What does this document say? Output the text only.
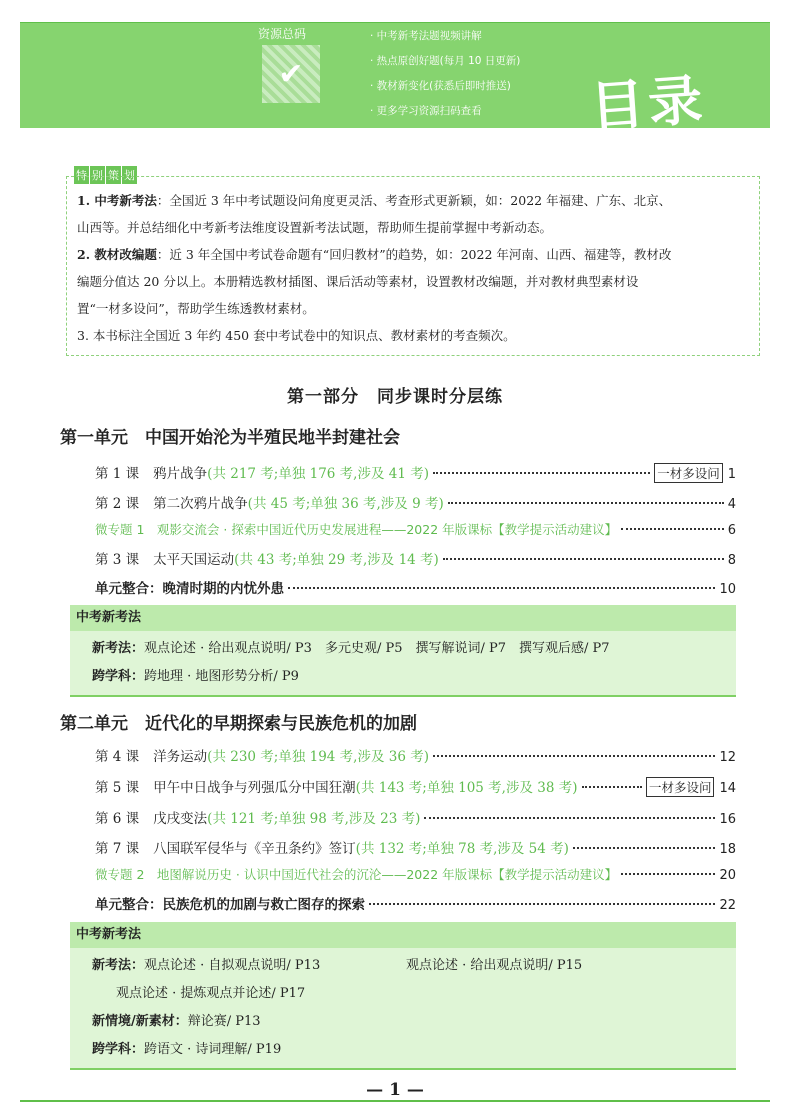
资源总码
✔
· 中考新考法题视频讲解
· 热点原创好题(每月 10 日更新)
· 教材新变化(获悉后即时推送)
· 更多学习资源扫码查看	目录
特 别 策 划
1. 中考新考法：全国近 3 年中考试题设问角度更灵活、考查形式更新颖，如：2022 年福建、广东、北京、
山西等。并总结细化中考新考法维度设置新考法试题，帮助师生提前掌握中考新动态。
2. 教材改编题：近 3 年全国中考试卷命题有“回归教材”的趋势，如：2022 年河南、山西、福建等，教材改
编题分值达 20 分以上。本册精选教材插图、课后活动等素材，设置教材改编题，并对教材典型素材设
置“一材多设问”，帮助学生练透教材素材。
3. 本书标注全国近 3 年约 450 套中考试卷中的知识点、教材素材的考查频次。
第一部分　同步课时分层练
第一单元　中国开始沦为半殖民地半封建社会
第 1 课 鸦片战争 (共 217 考;单独 176 考,涉及 41 考)	一材多设问 1
第 2 课 第二次鸦片战争 (共 45 考;单独 36 考,涉及 9 考)	4
微专题 1　观影交流会 · 探索中国近代历史发展进程——2022 年版课标【教学提示活动建议】	6
第 3 课 太平天国运动 (共 43 考;单独 29 考,涉及 14 考)	8
单元整合：晚清时期的内忧外患	10
中考新考法
新考法：观点论述 · 给出观点说明/ P3　多元史观/ P5　撰写解说词/ P7　撰写观后感/ P7
跨学科：跨地理 · 地图形势分析/ P9
第二单元　近代化的早期探索与民族危机的加剧
第 4 课 洋务运动 (共 230 考;单独 194 考,涉及 36 考)	12
第 5 课 甲午中日战争与列强瓜分中国狂潮 (共 143 考;单独 105 考,涉及 38 考)	一材多设问 14
第 6 课 戊戌变法 (共 121 考;单独 98 考,涉及 23 考)	16
第 7 课 八国联军侵华与《辛丑条约》签订 (共 132 考;单独 78 考,涉及 54 考)	18
微专题 2　地图解说历史 · 认识中国近代社会的沉沦——2022 年版课标【教学提示活动建议】	20
单元整合：民族危机的加剧与救亡图存的探索	22
中考新考法
新考法：观点论述 · 自拟观点说明/ P13	观点论述 · 给出观点说明/ P15
观点论述 · 提炼观点并论述/ P17
新情境/新素材：辩论赛/ P13
跨学科：跨语文 · 诗词理解/ P19
— 1 —
